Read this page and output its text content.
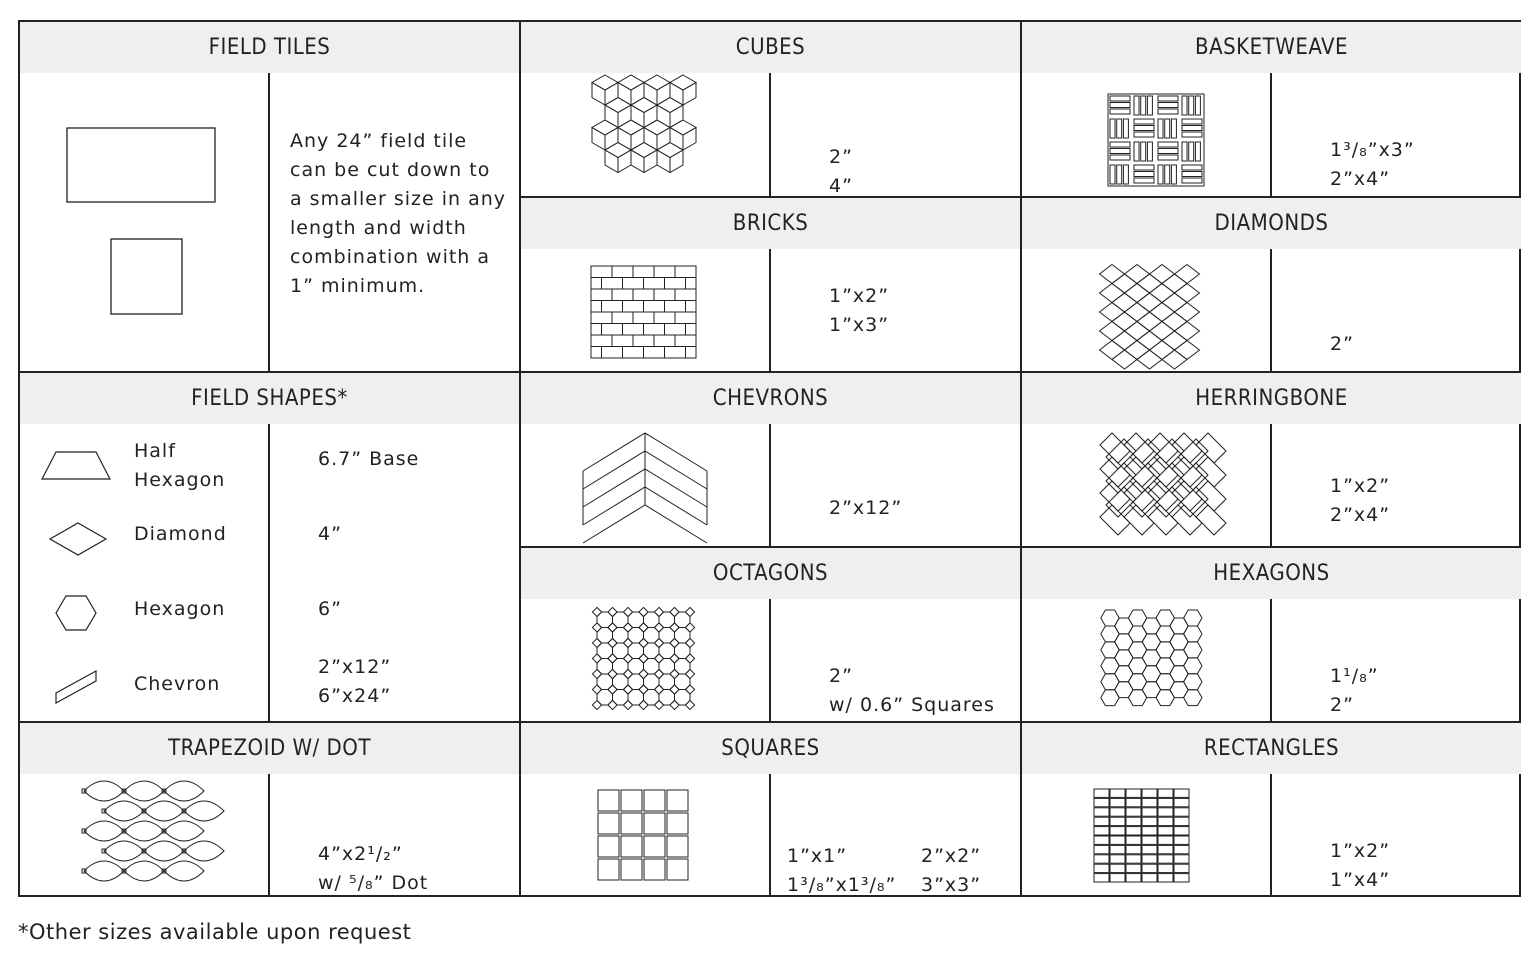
FIELD TILES
Any 24” field tile
can be cut down to
a smaller size in any
length and width
combination with a
1” minimum.
CUBES

2”
4”

BASKETWEAVE

1³/₈”x3”
2”x4”

BRICKS

1”x2”
1”x3”

DIAMONDS

2”

FIELD SHAPES*
Half
Hexagon
6.7” Base
Diamond	4”
Hexagon	6”
Chevron
2”x12”
6”x24”
CHEVRONS

2”x12”

HERRINGBONE

1”x2”
2”x4”

OCTAGONS

2”
w/ 0.6” Squares

HEXAGONS

1¹/₈”
2”

TRAPEZOID W/ DOT

4”x2¹/₂”
w/ ⁵/₈” Dot

SQUARES

1”x1”
1³/₈”x1³/₈”

2”x2”
3”x3”

RECTANGLES

1”x2”
1”x4”

*Other sizes available upon request
